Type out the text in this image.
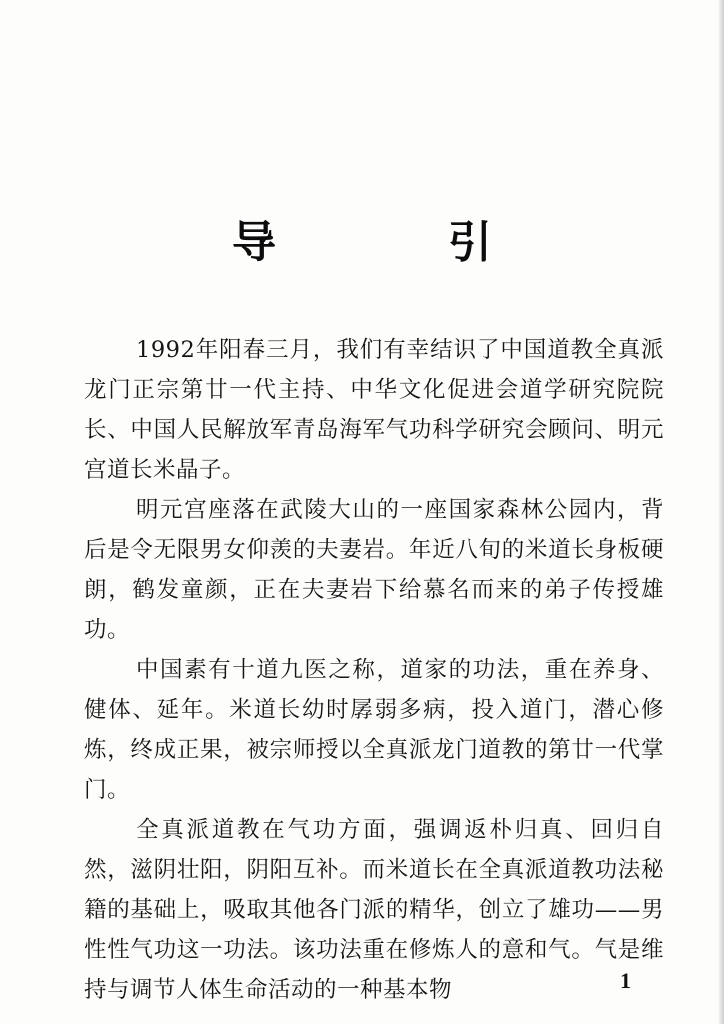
导　引

1992年阳春三月，我们有幸结识了中国道教全真派龙门正宗第廿一代主持、中华文化促进会道学研究院院长、中国人民解放军青岛海军气功科学研究会顾问、明元宫道长米晶子。

明元宫座落在武陵大山的一座国家森林公园内，背后是令无限男女仰羡的夫妻岩。年近八旬的米道长身板硬朗，鹤发童颜，正在夫妻岩下给慕名而来的弟子传授雄功。

中国素有十道九医之称，道家的功法，重在养身、健体、延年。米道长幼时孱弱多病，投入道门，潜心修炼，终成正果，被宗师授以全真派龙门道教的第廿一代掌门。

全真派道教在气功方面，强调返朴归真、回归自然，滋阴壮阳，阴阳互补。而米道长在全真派道教功法秘籍的基础上，吸取其他各门派的精华，创立了雄功——男性性气功这一功法。该功法重在修炼人的意和气。气是维持与调节人体生命活动的一种基本物	1
